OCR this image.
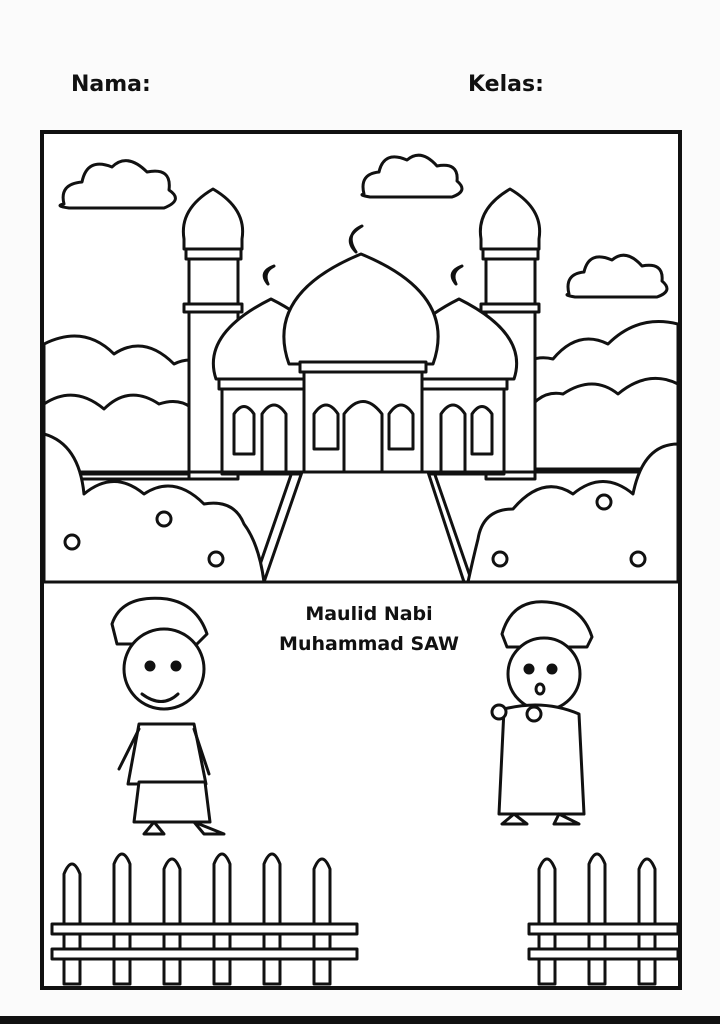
Nama:	Kelas:
Maulid Nabi
Muhammad SAW
